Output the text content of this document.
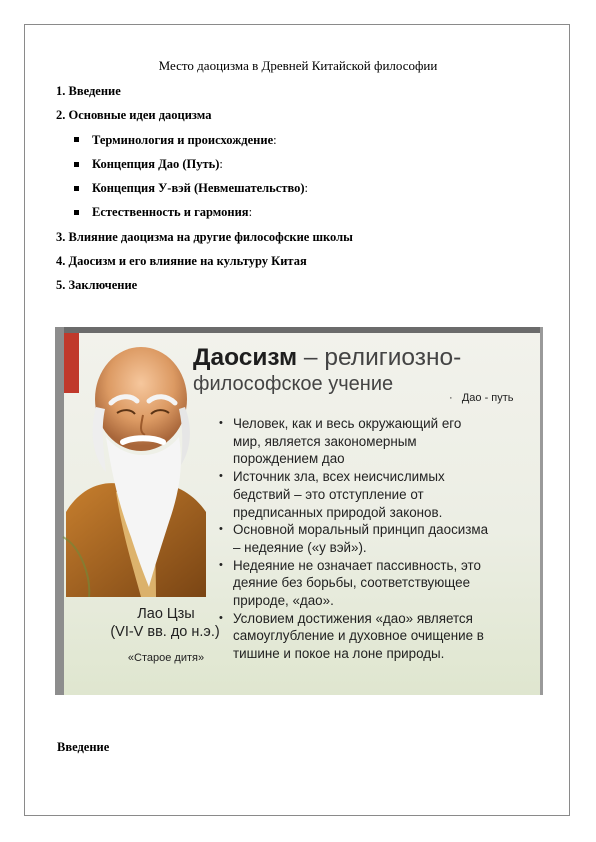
Место даоцизма в Древней Китайской философии
1. Введение
2. Основные идеи даоцизма
Терминология и происхождение:
Концепция Дао (Путь):
Концепция У-вэй (Невмешательство):
Естественность и гармония:
3. Влияние даоцизма на другие философские школы
4. Даосизм и его влияние на культуру Китая
5. Заключение
Даосизм – религиозно-
философское учение
·   Дао - путь
• Человек, как и весь окружающий его
мир, является закономерным
порождением дао
• Источник зла, всех неисчислимых
бедствий – это отступление от
предписанных природой законов.
• Основной моральный принцип даосизма
– недеяние («у вэй»).
• Недеяние не означает пассивность, это
деяние без борьбы, соответствующее
природе, «дао».
• Условием достижения «дао» является
самоуглубление и духовное очищение в
тишине и покое на лоне природы.
Лао Цзы
(VI-V вв. до н.э.)
«Старое дитя»
Введение
